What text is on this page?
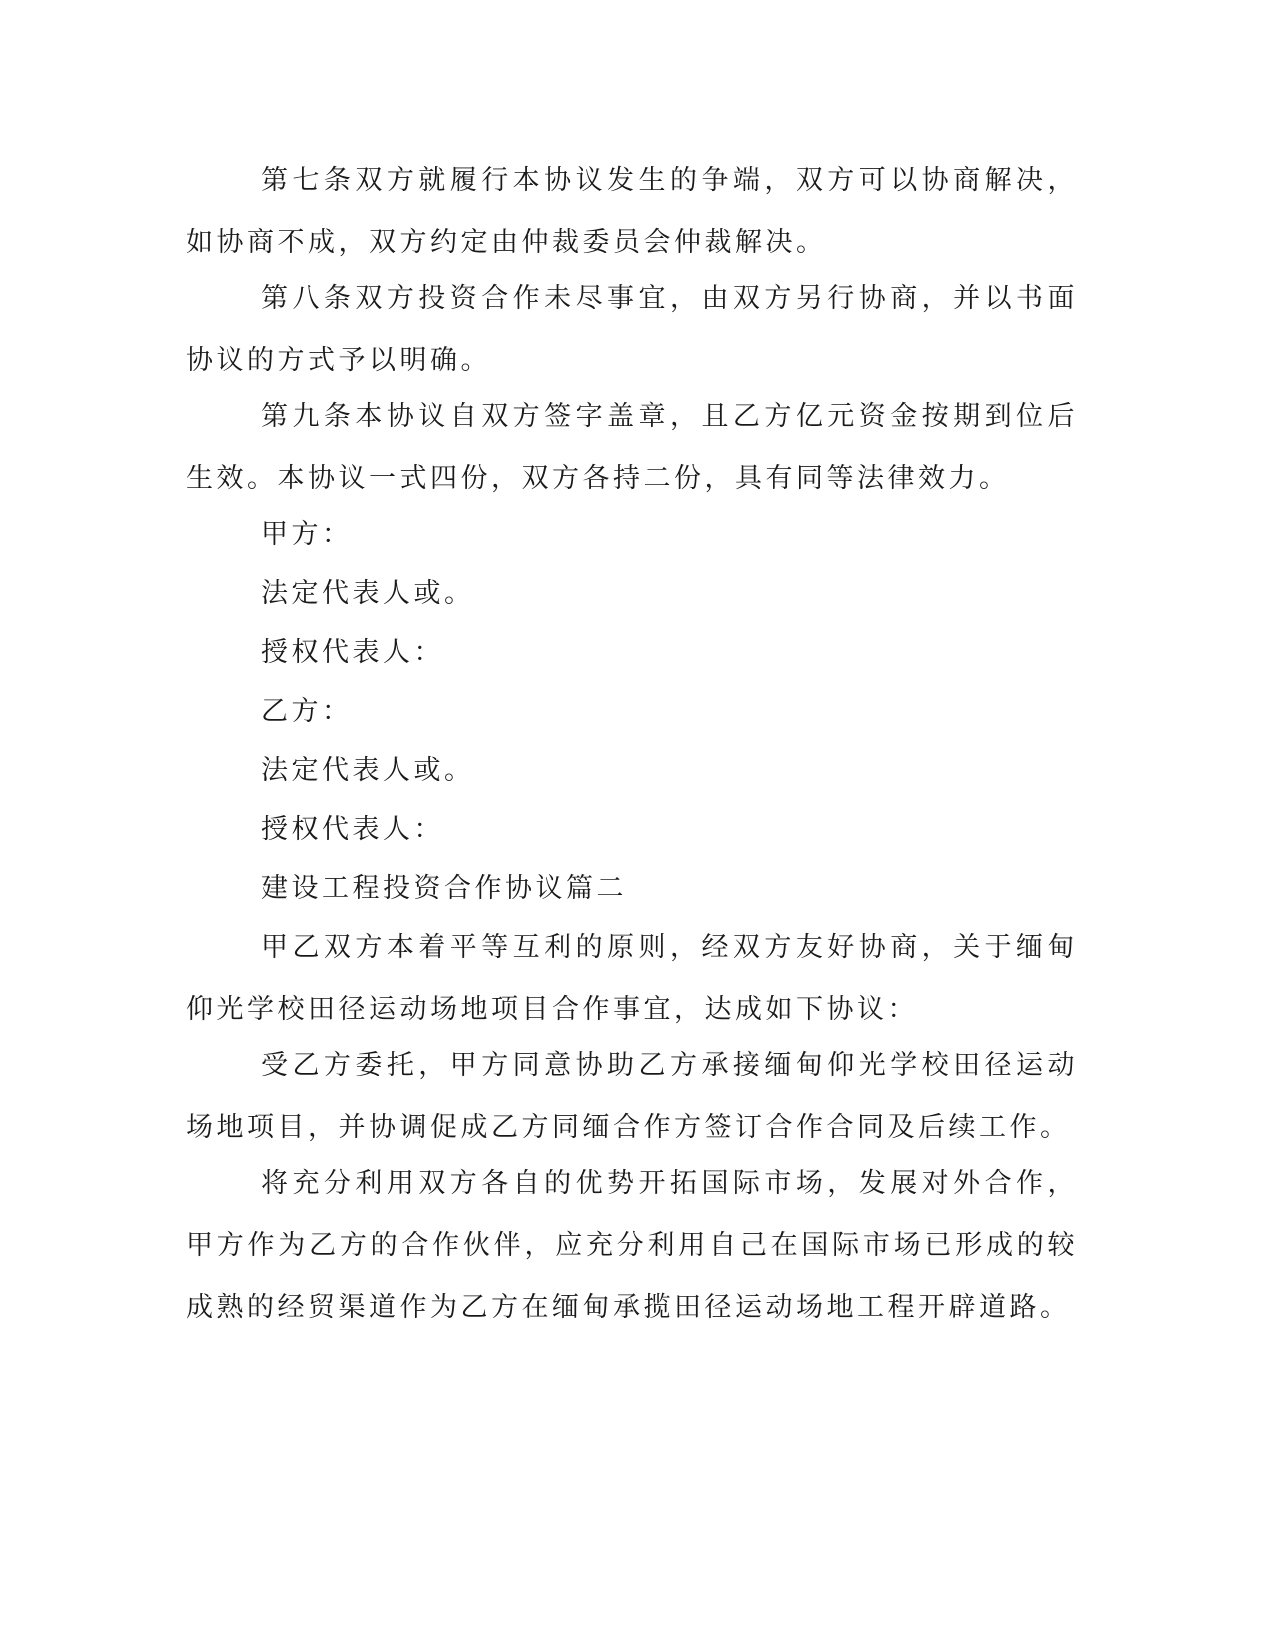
第七条双方就履行本协议发生的争端，双方可以协商解决，如协商不成，双方约定由仲裁委员会仲裁解决。

第八条双方投资合作未尽事宜，由双方另行协商，并以书面协议的方式予以明确。

第九条本协议自双方签字盖章，且乙方亿元资金按期到位后生效。本协议一式四份，双方各持二份，具有同等法律效力。

甲方：

法定代表人或。

授权代表人：

乙方：

法定代表人或。

授权代表人：

建设工程投资合作协议篇二

甲乙双方本着平等互利的原则，经双方友好协商，关于缅甸仰光学校田径运动场地项目合作事宜，达成如下协议：

受乙方委托，甲方同意协助乙方承接缅甸仰光学校田径运动场地项目，并协调促成乙方同缅合作方签订合作合同及后续工作。

将充分利用双方各自的优势开拓国际市场，发展对外合作，甲方作为乙方的合作伙伴，应充分利用自己在国际市场已形成的较成熟的经贸渠道作为乙方在缅甸承揽田径运动场地工程开辟道路。
